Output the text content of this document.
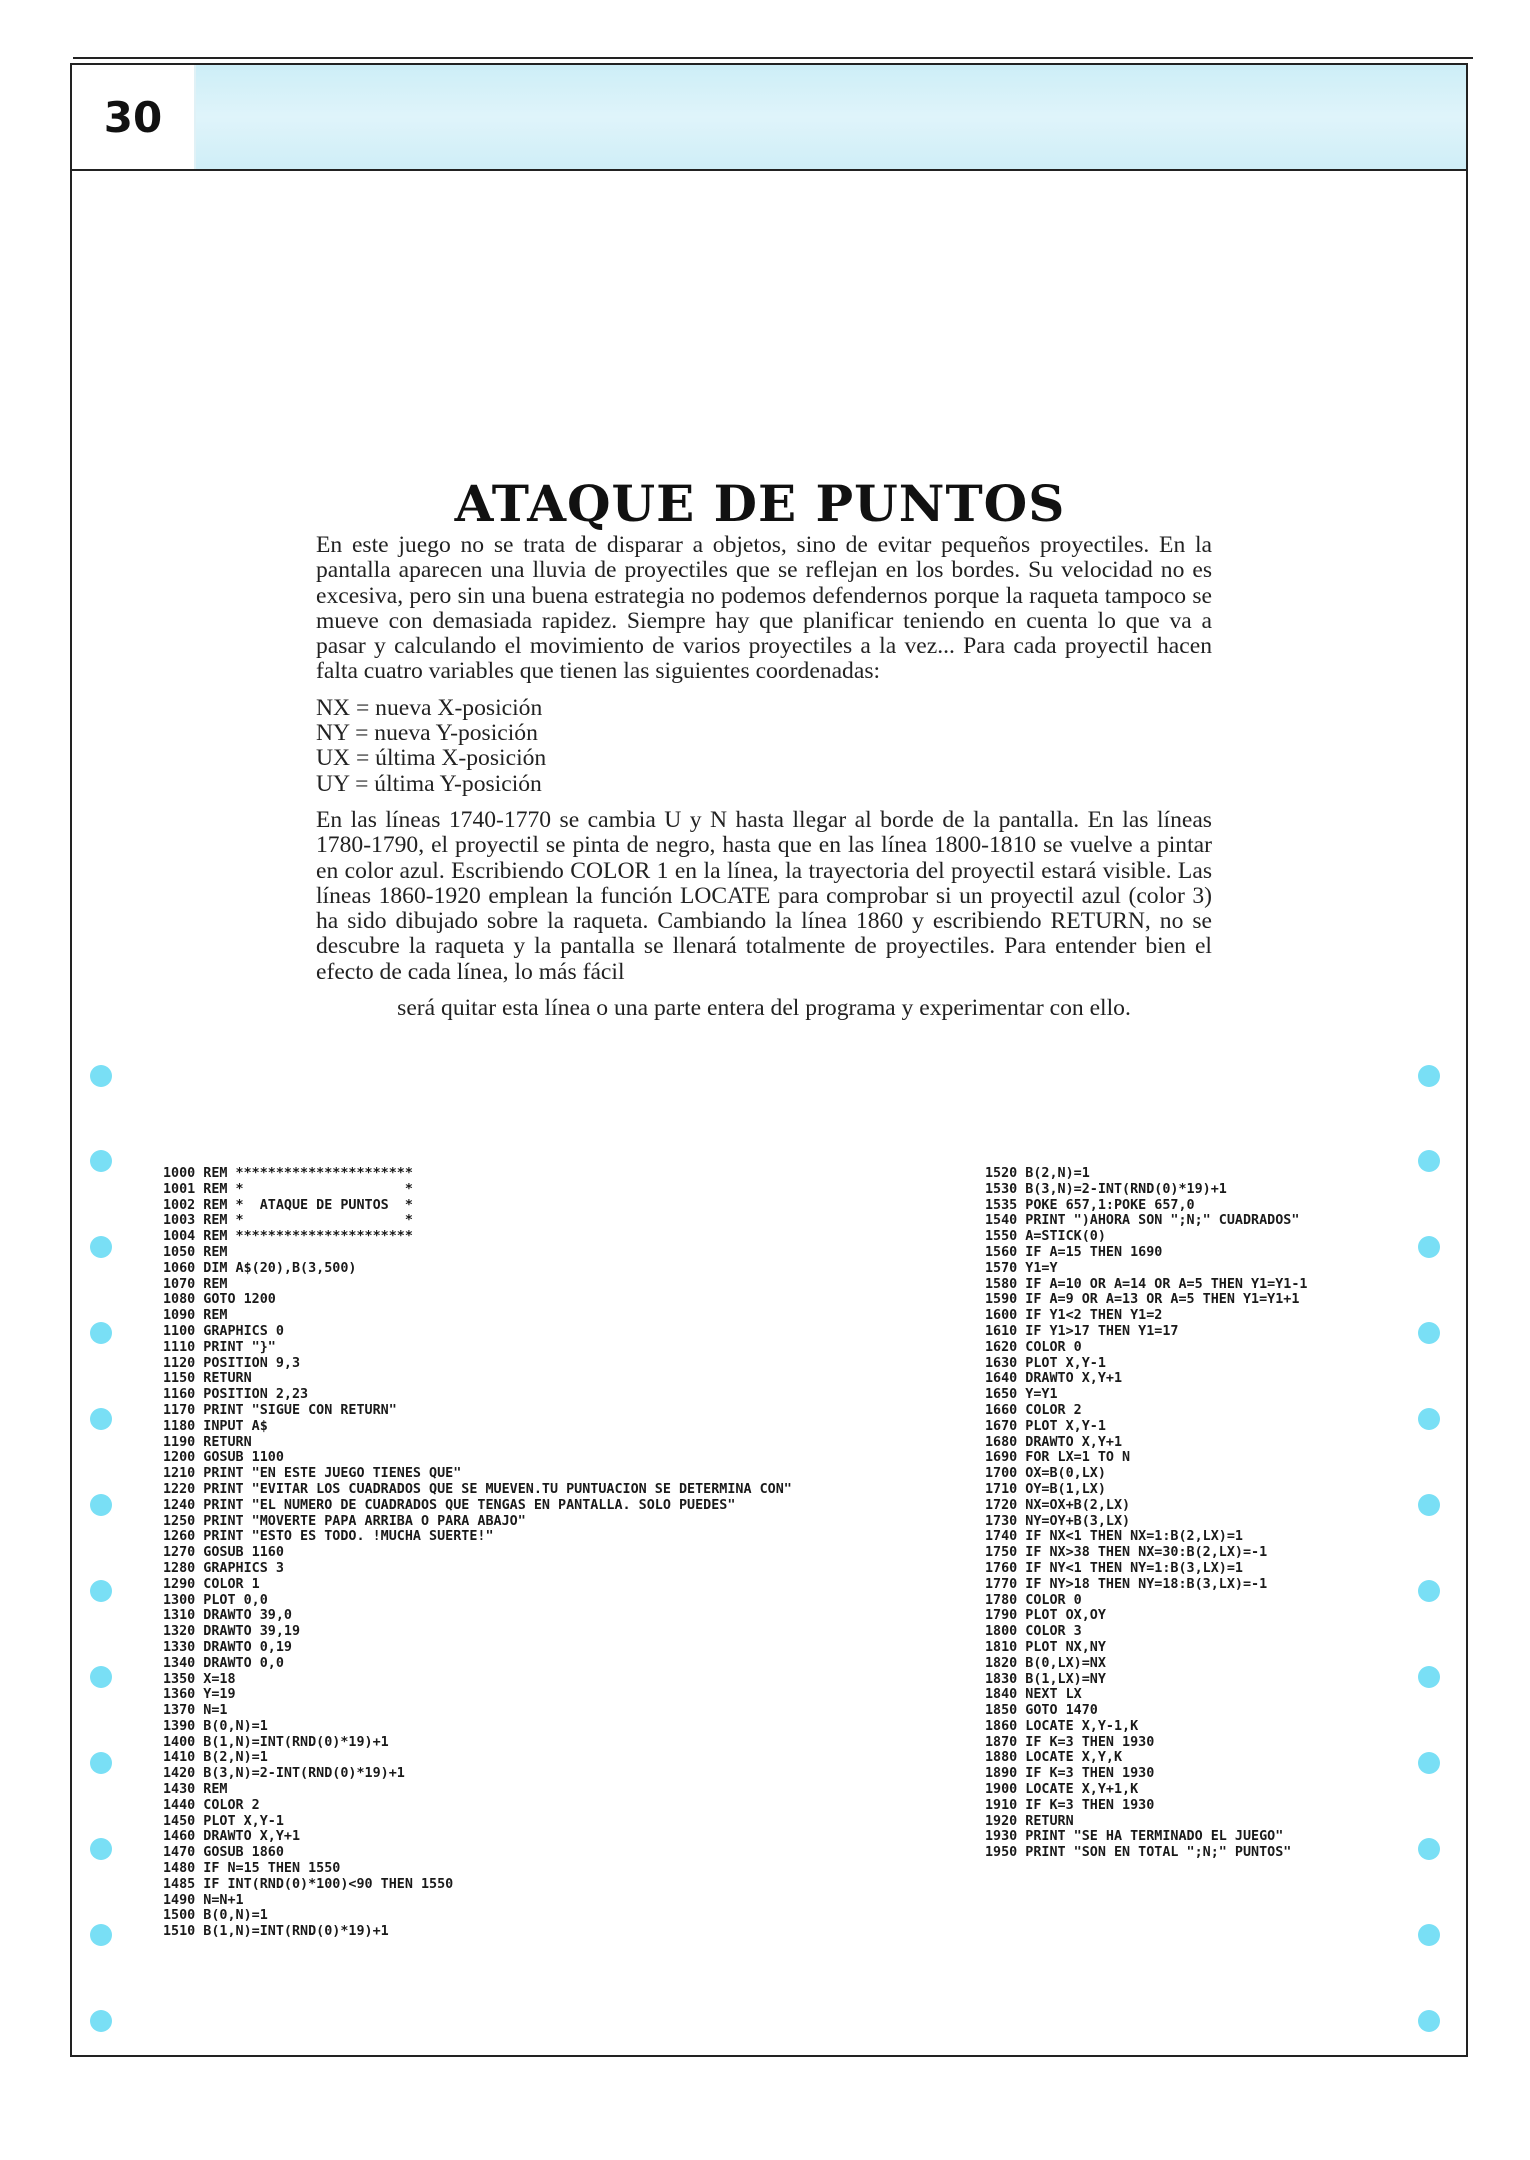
30
ATAQUE DE PUNTOS

En este juego no se trata de disparar a objetos, sino de evitar pequeños proyectiles. En la pantalla aparecen una lluvia de proyectiles que se reflejan en los bordes. Su velocidad no es excesiva, pero sin una buena estrategia no podemos defendernos porque la raqueta tampoco se mueve con demasiada rapidez. Siempre hay que planificar teniendo en cuenta lo que va a pasar y calculando el movimiento de varios proyectiles a la vez... Para cada proyectil hacen falta cuatro variables que tienen las siguientes coordenadas:

NX = nueva X-posición
NY = nueva Y-posición
UX = última X-posición
UY = última Y-posición

En las líneas 1740-1770 se cambia U y N hasta llegar al borde de la pantalla. En las líneas 1780-1790, el proyectil se pinta de negro, hasta que en las línea 1800-1810 se vuelve a pintar en color azul. Escribiendo COLOR 1 en la línea, la trayectoria del proyectil estará visible. Las líneas 1860-1920 emplean la función LOCATE para comprobar si un proyectil azul (color 3) ha sido dibujado sobre la raqueta. Cambiando la línea 1860 y escribiendo RETURN, no se descubre la raqueta y la pantalla se llenará totalmente de proyectiles. Para entender bien el efecto de cada línea, lo más fácil

será quitar esta línea o una parte entera del programa y experimentar con ello.

1000 REM **********************
1001 REM *                    *
1002 REM *  ATAQUE DE PUNTOS  *
1003 REM *                    *
1004 REM **********************
1050 REM
1060 DIM A$(20),B(3,500)
1070 REM
1080 GOTO 1200
1090 REM
1100 GRAPHICS 0
1110 PRINT "}"
1120 POSITION 9,3
1150 RETURN
1160 POSITION 2,23
1170 PRINT "SIGUE CON RETURN"
1180 INPUT A$
1190 RETURN
1200 GOSUB 1100
1210 PRINT "EN ESTE JUEGO TIENES QUE"
1220 PRINT "EVITAR LOS CUADRADOS QUE SE MUEVEN.TU PUNTUACION SE DETERMINA CON"
1240 PRINT "EL NUMERO DE CUADRADOS QUE TENGAS EN PANTALLA. SOLO PUEDES"
1250 PRINT "MOVERTE PAPA ARRIBA O PARA ABAJO"
1260 PRINT "ESTO ES TODO. !MUCHA SUERTE!"
1270 GOSUB 1160
1280 GRAPHICS 3
1290 COLOR 1
1300 PLOT 0,0
1310 DRAWTO 39,0
1320 DRAWTO 39,19
1330 DRAWTO 0,19
1340 DRAWTO 0,0
1350 X=18
1360 Y=19
1370 N=1
1390 B(0,N)=1
1400 B(1,N)=INT(RND(0)*19)+1
1410 B(2,N)=1
1420 B(3,N)=2-INT(RND(0)*19)+1
1430 REM
1440 COLOR 2
1450 PLOT X,Y-1
1460 DRAWTO X,Y+1
1470 GOSUB 1860
1480 IF N=15 THEN 1550
1485 IF INT(RND(0)*100)<90 THEN 1550
1490 N=N+1
1500 B(0,N)=1
1510 B(1,N)=INT(RND(0)*19)+1
1520 B(2,N)=1
1530 B(3,N)=2-INT(RND(0)*19)+1
1535 POKE 657,1:POKE 657,0
1540 PRINT ")AHORA SON ";N;" CUADRADOS"
1550 A=STICK(0)
1560 IF A=15 THEN 1690
1570 Y1=Y
1580 IF A=10 OR A=14 OR A=5 THEN Y1=Y1-1
1590 IF A=9 OR A=13 OR A=5 THEN Y1=Y1+1
1600 IF Y1<2 THEN Y1=2
1610 IF Y1>17 THEN Y1=17
1620 COLOR 0
1630 PLOT X,Y-1
1640 DRAWTO X,Y+1
1650 Y=Y1
1660 COLOR 2
1670 PLOT X,Y-1
1680 DRAWTO X,Y+1
1690 FOR LX=1 TO N
1700 OX=B(0,LX)
1710 OY=B(1,LX)
1720 NX=OX+B(2,LX)
1730 NY=OY+B(3,LX)
1740 IF NX<1 THEN NX=1:B(2,LX)=1
1750 IF NX>38 THEN NX=30:B(2,LX)=-1
1760 IF NY<1 THEN NY=1:B(3,LX)=1
1770 IF NY>18 THEN NY=18:B(3,LX)=-1
1780 COLOR 0
1790 PLOT OX,OY
1800 COLOR 3
1810 PLOT NX,NY
1820 B(0,LX)=NX
1830 B(1,LX)=NY
1840 NEXT LX
1850 GOTO 1470
1860 LOCATE X,Y-1,K
1870 IF K=3 THEN 1930
1880 LOCATE X,Y,K
1890 IF K=3 THEN 1930
1900 LOCATE X,Y+1,K
1910 IF K=3 THEN 1930
1920 RETURN
1930 PRINT "SE HA TERMINADO EL JUEGO"
1950 PRINT "SON EN TOTAL ";N;" PUNTOS"
